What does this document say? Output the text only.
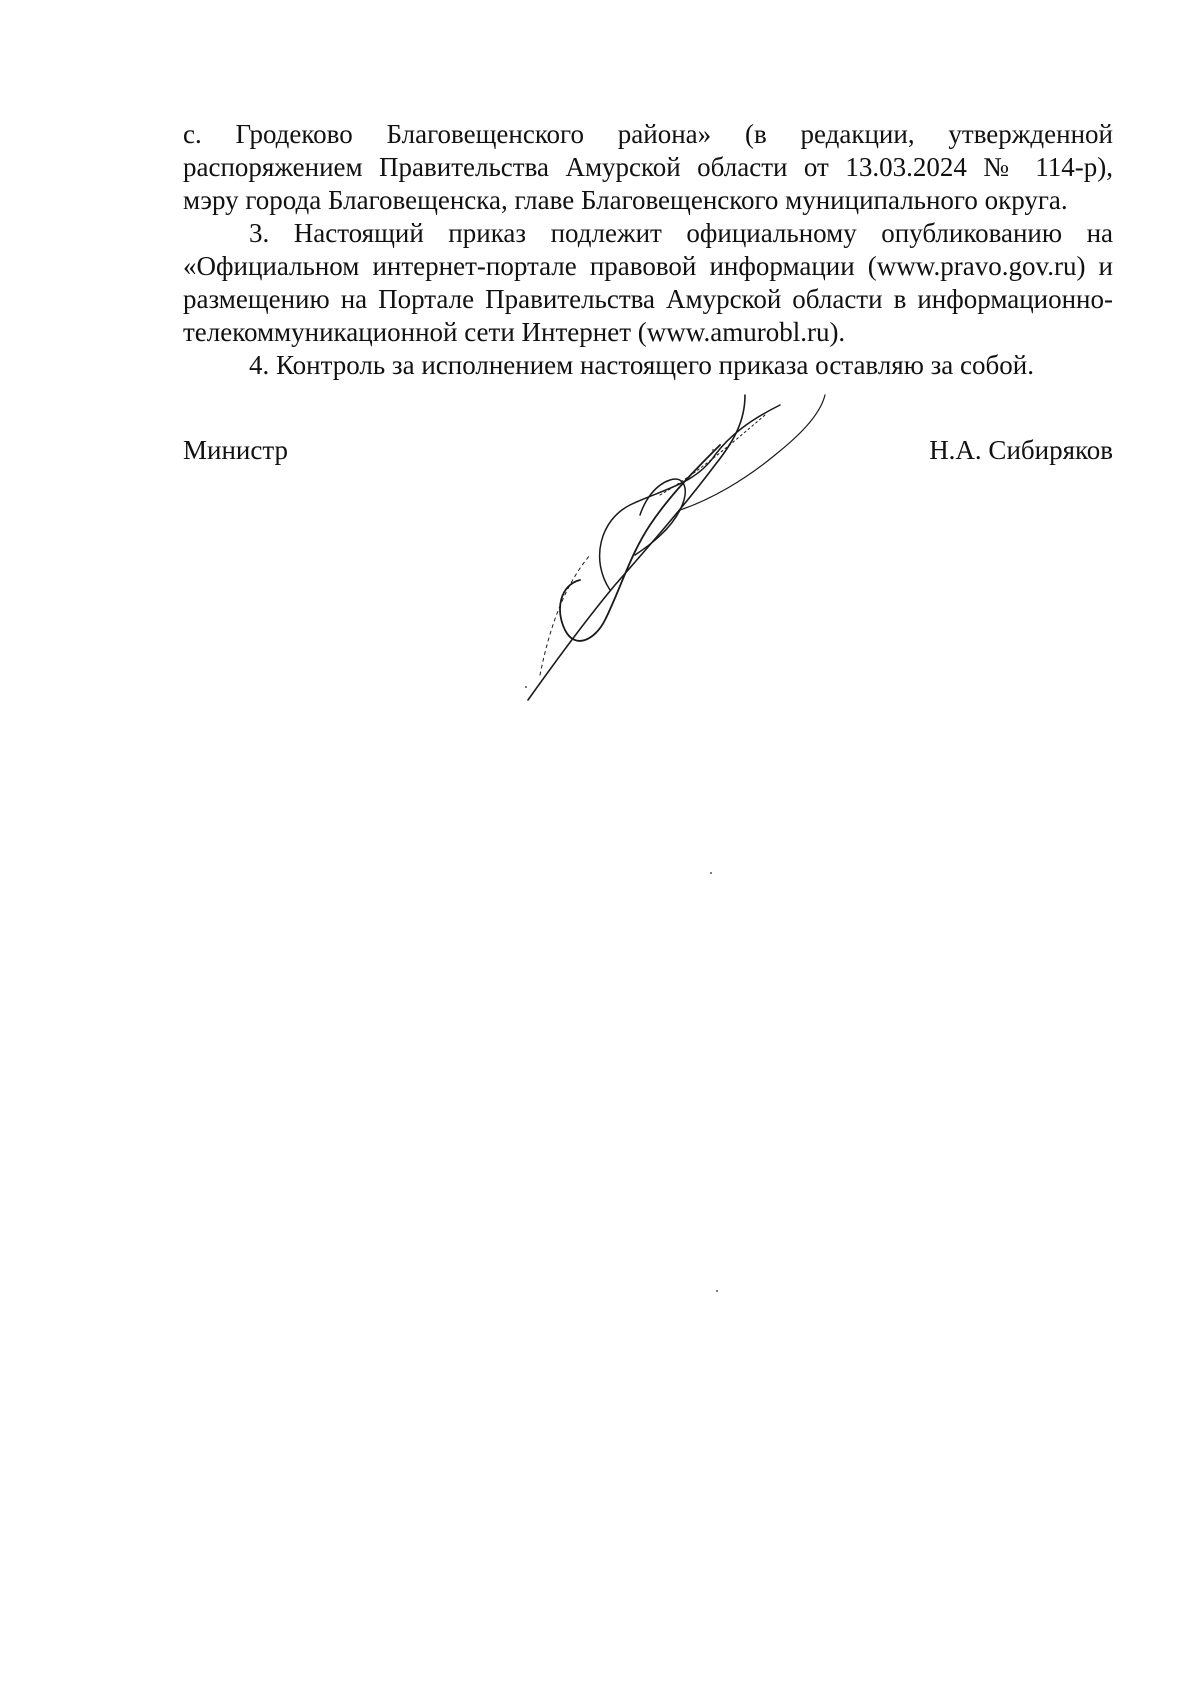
с. Гродеково Благовещенского района» (в редакции, утвержденной
распоряжением Правительства Амурской области от 13.03.2024 № 114-р),
мэру города Благовещенска, главе Благовещенского муниципального округа.

3. Настоящий приказ подлежит официальному опубликованию на
«Официальном интернет-портале правовой информации (www.pravo.gov.ru) и
размещению на Портале Правительства Амурской области в информационно-
телекоммуникационной сети Интернет (www.amurobl.ru).

4. Контроль за исполнением настоящего приказа оставляю за собой.

Министр	Н.А. Сибиряков
